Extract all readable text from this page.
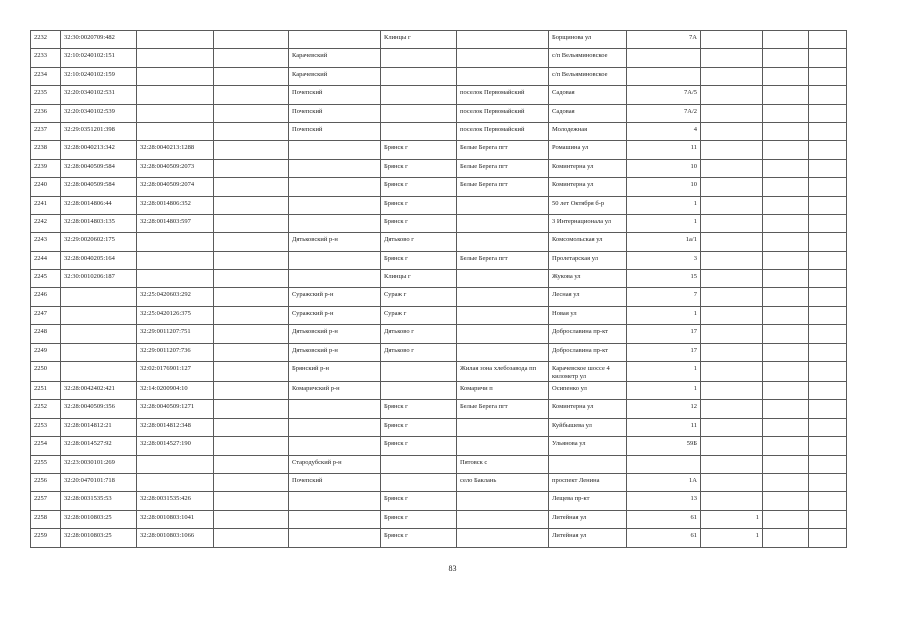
2232	32:30:0020709:482				Клинцы г		Борщинова ул	7А			
2233	32:10:0240102:151			Карачевский			с/п Вельяминовское				
2234	32:10:0240102:159			Карачевский			с/п Вельяминовское				
2235	32:20:0340102:531			Почепский		поселок Первомайский	Садовая	7А/5			
2236	32:20:0340102:539			Почепский		поселок Первомайский	Садовая	7А/2			
2237	32:29:0351201:398			Почепский		поселок Первомайский	Молодежная	4			
2238	32:28:0040213:342	32:28:0040213:1288			Брянск г	Белые Берега пгт	Ромашина ул	11			
2239	32:28:0040509:584	32:28:0040509:2073			Брянск г	Белые Берега пгт	Коминтерна ул	10			
2240	32:28:0040509:584	32:28:0040509:2074			Брянск г	Белые Берега пгт	Коминтерна ул	10			
2241	32:28:0014806:44	32:28:0014806:352			Брянск г		50 лет Октября б-р	1			
2242	32:28:0014803:135	32:28:0014803:597			Брянск г		3 Интернационала ул	1			
2243	32:29:0020602:175			Дятьковский р-н	Дятьково г		Комсомольская ул	1а/1			
2244	32:28:0040205:164				Брянск г	Белые Берега пгт	Пролетарская ул	3			
2245	32:30:0010206:187				Клинцы г		Жукова ул	15			
2246		32:25:0420603:292		Суражский р-н	Сураж г		Лесная ул	7			
2247		32:25:0420126:375		Суражский р-н	Сураж г		Новая ул	1			
2248		32:29:0011207:751		Дятьковский р-н	Дятьково г		Доброславина пр-кт	17			
2249		32:29:0011207:736		Дятьковский р-н	Дятьково г		Доброславина пр-кт	17			
2250		32:02:0176901:127		Брянский р-н		Жилая зона хлебозавода пп	Карачевское шоссе 4 километр ул	1			
2251	32:28:0042402:421	32:14:0200904:10		Комаричский р-н		Комаричи п	Осипенко ул	1			
2252	32:28:0040509:356	32:28:0040509:1271			Брянск г	Белые Берега пгт	Коминтерна ул	12			
2253	32:28:0014812:21	32:28:0014812:348			Брянск г		Куйбышева ул	11			
2254	32:28:0014527:92	32:28:0014527:190			Брянск г		Ульянова ул	59Б			
2255	32:23:0030101:269			Стародубский р-н		Пятовск с					
2256	32:20:0470101:718			Почепский		село Баклань	проспект Ленина	1А			
2257	32:28:0031535:53	32:28:0031535:426			Брянск г		Лещева пр-кт	13			
2258	32:28:0010803:25	32:28:0010803:1041			Брянск г		Литейная ул	61	1		
2259	32:28:0010803:25	32:28:0010803:1066			Брянск г		Литейная ул	61	1		
83
